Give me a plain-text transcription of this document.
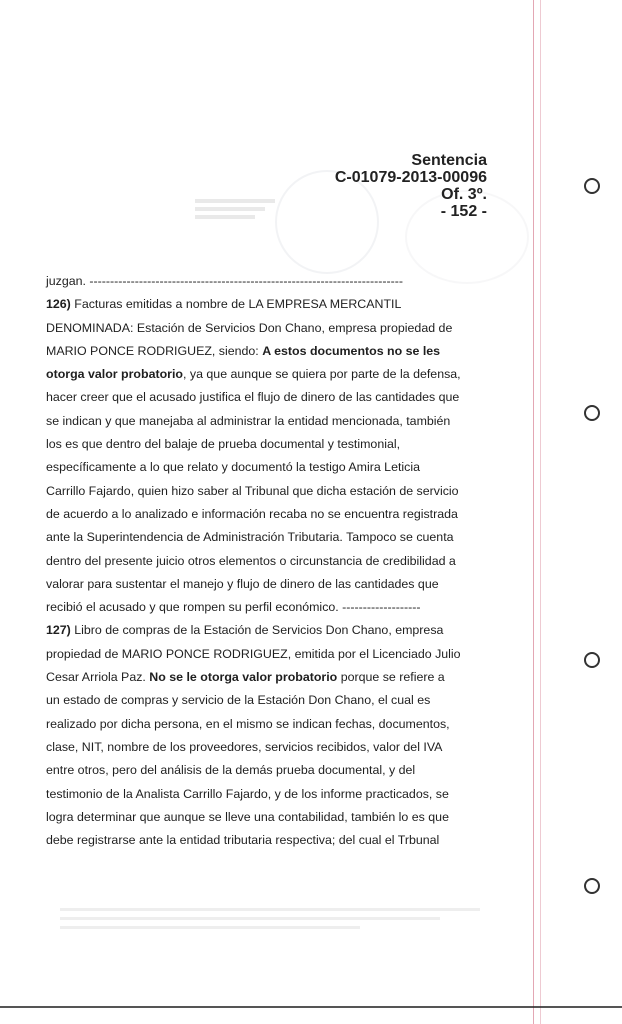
Sentencia
C-01079-2013-00096
Of. 3º.
- 152 -

juzgan. ----------------------------------------------------------------------------

126) Facturas emitidas a nombre de LA EMPRESA MERCANTIL

DENOMINADA: Estación de Servicios Don Chano, empresa propiedad de

MARIO PONCE RODRIGUEZ, siendo: A estos documentos no se les

otorga valor probatorio, ya que aunque se quiera por parte de la defensa,

hacer creer que el acusado justifica el flujo de dinero de las cantidades que

se indican y que manejaba al administrar la entidad mencionada, también

los es que dentro del balaje de prueba documental y testimonial,

específicamente a lo que relato y documentó la testigo Amira Leticia

Carrillo Fajardo, quien hizo saber al Tribunal que dicha estación de servicio

de acuerdo a lo analizado e información recaba no se encuentra registrada

ante la Superintendencia de Administración Tributaria. Tampoco se cuenta

dentro del presente juicio otros elementos o circunstancia de credibilidad a

valorar para sustentar el manejo y flujo de dinero de las cantidades que

recibió el acusado y que rompen su perfil económico. -------------------

127) Libro de compras de la Estación de Servicios Don Chano, empresa

propiedad de MARIO PONCE RODRIGUEZ, emitida por el Licenciado Julio

Cesar Arriola Paz. No se le otorga valor probatorio porque se refiere a

un estado de compras y servicio de la Estación Don Chano, el cual es

realizado por dicha persona, en el mismo se indican fechas, documentos,

clase, NIT, nombre de los proveedores, servicios recibidos, valor del IVA

entre otros, pero del análisis de la demás prueba documental, y del

testimonio de la Analista Carrillo Fajardo, y de los informe practicados, se

logra determinar que aunque se lleve una contabilidad, también lo es que

debe registrarse ante la entidad tributaria respectiva; del cual el Trbunal
